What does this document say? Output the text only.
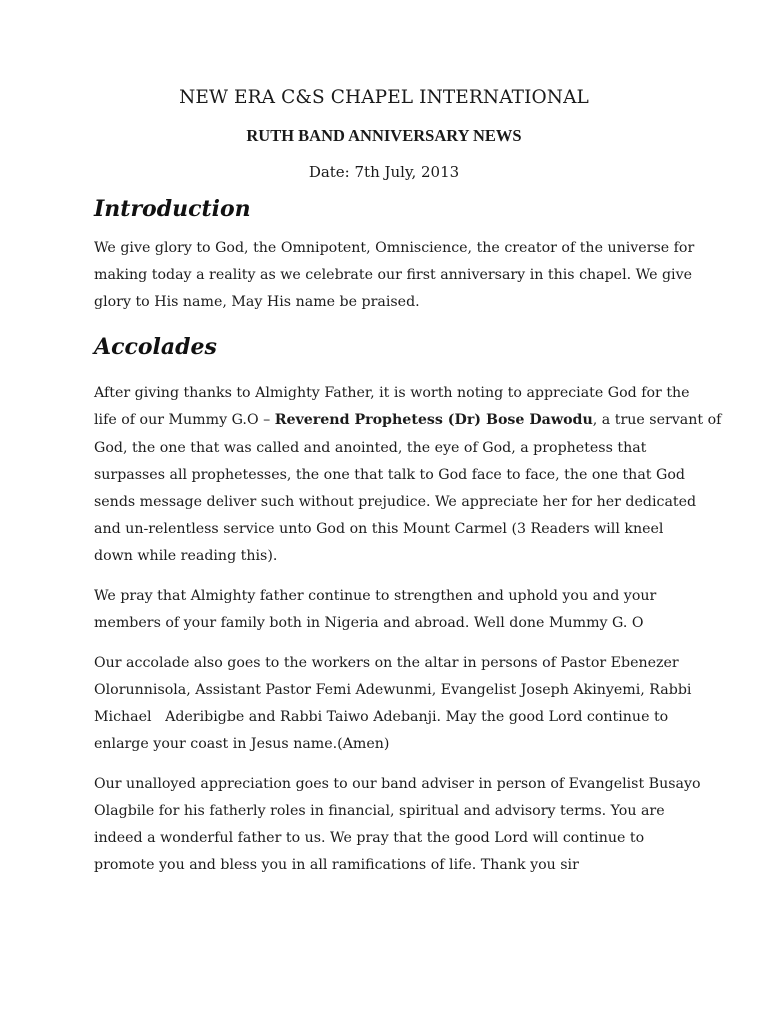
NEW ERA C&S CHAPEL INTERNATIONAL
RUTH BAND ANNIVERSARY NEWS
Date: 7th July, 2013
Introduction
We give glory to God, the Omnipotent, Omniscience, the creator of the universe for
making today a reality as we celebrate our first anniversary in this chapel. We give
glory to His name, May His name be praised.
Accolades
After giving thanks to Almighty Father, it is worth noting to appreciate God for the
life of our Mummy G.O – Reverend Prophetess (Dr) Bose Dawodu, a true servant of
God, the one that was called and anointed, the eye of God, a prophetess that
surpasses all prophetesses, the one that talk to God face to face, the one that God
sends message deliver such without prejudice. We appreciate her for her dedicated
and un-relentless service unto God on this Mount Carmel (3 Readers will kneel
down while reading this).
We pray that Almighty father continue to strengthen and uphold you and your
members of your family both in Nigeria and abroad. Well done Mummy G. O
Our accolade also goes to the workers on the altar in persons of Pastor Ebenezer
Olorunnisola, Assistant Pastor Femi Adewunmi, Evangelist Joseph Akinyemi, Rabbi
Michael   Aderibigbe and Rabbi Taiwo Adebanji. May the good Lord continue to
enlarge your coast in Jesus name.(Amen)
Our unalloyed appreciation goes to our band adviser in person of Evangelist Busayo
Olagbile for his fatherly roles in financial, spiritual and advisory terms. You are
indeed a wonderful father to us. We pray that the good Lord will continue to
promote you and bless you in all ramifications of life. Thank you sir
